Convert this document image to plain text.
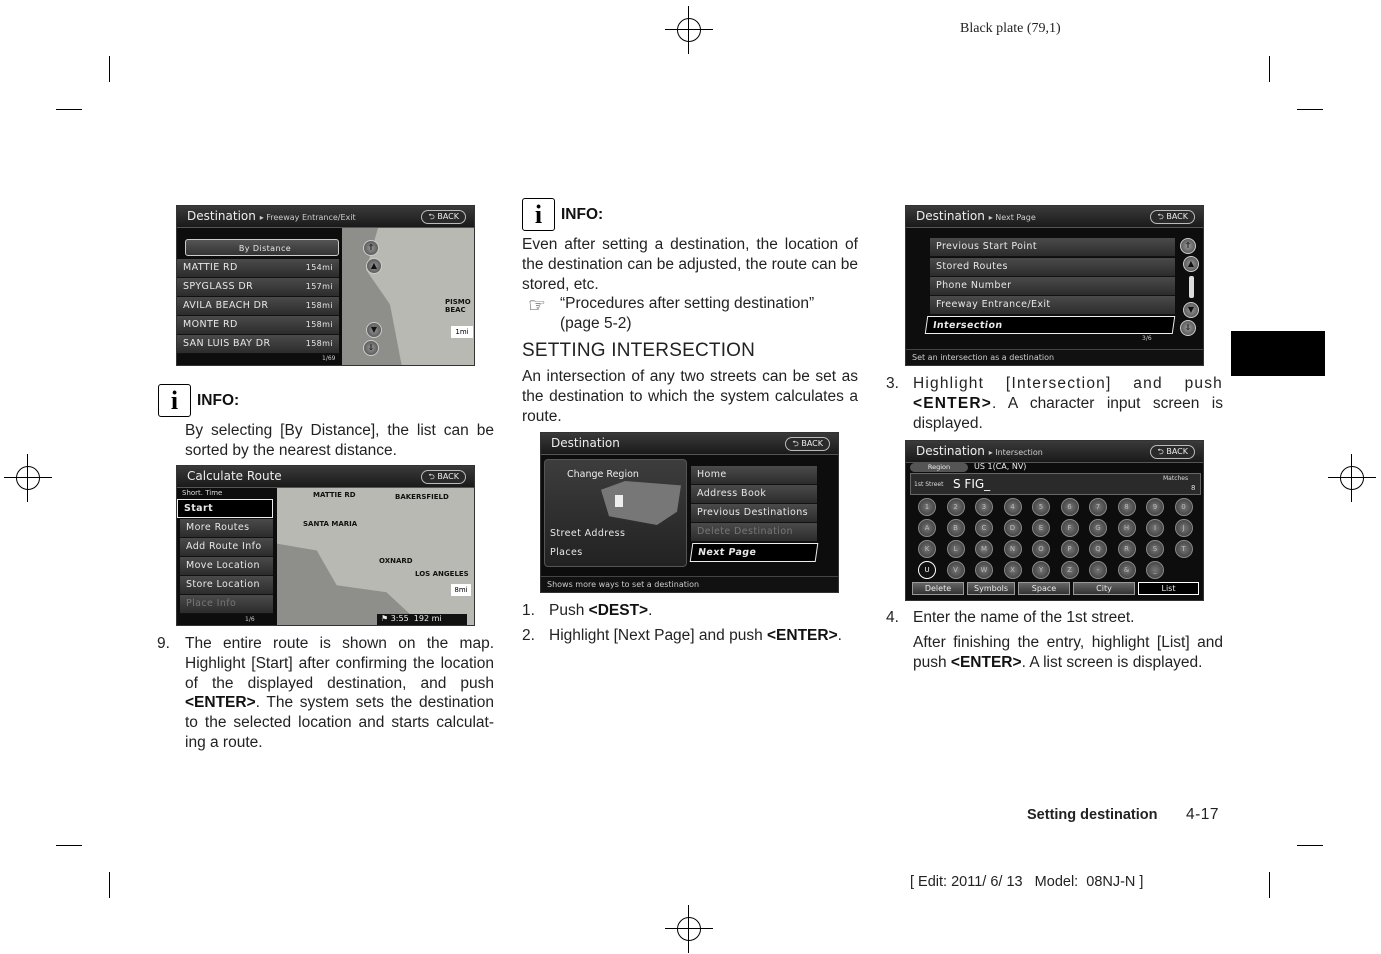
Black plate (79,1)
Destination ▸ Freeway Entrance/Exit	⮌ BACK
PISMO BEAC
1mi
By Distance
MATTIE RD	154mi
SPYGLASS DR	157mi
AVILA BEACH DR	158mi
MONTE RD	158mi
SAN LUIS BAY DR	158mi
1/69
⇑
▲
▼
⇓
i	INFO:

By selecting [By Distance], the list can be sorted by the nearest distance.

Calculate Route	⮌ BACK
MATTIE RD	BAKERSFIELD
SANTA MARIA
OXNARD
LOS ANGELES
Short. Time
Start
More Routes
Add Route Info
Move Location
Store Location
Place Info
1/6	⚑ 3:55 192 mi
8mi
9. The entire route is shown on the map. Highlight [Start] after confirming the location of the displayed destination, and push <ENTER>. The system sets the destination to the selected location and starts calculat-ing a route.
i	INFO:

Even after setting a destination, the location of the destination can be adjusted, the route can be stored, etc.

☞ “Procedures after setting destination” (page 5-2)

SETTING INTERSECTION

An intersection of any two streets can be set as the destination to which the system calculates a route.

Destination	⮌ BACK
Change Region
Street Address
Places
Home
Address Book
Previous Destinations
Delete Destination
Next Page
Shows more ways to set a destination
1. Push <DEST>.
2. Highlight [Next Page] and push <ENTER>.
Destination ▸ Next Page	⮌ BACK
Previous Start Point
Stored Routes
Phone Number
Freeway Entrance/Exit
Intersection
3/6
⇑
▲
▼
⇓
Set an intersection as a destination
3. Highlight [Intersection] and push <ENTER>. A character input screen is displayed.
Destination ▸ Intersection	⮌ BACK
Region	US 1(CA, NV)
1st Street S FIG_	Matches
8
1	2	3	4	5	6	7	8	9	0
A	B	C	D	E	F	G	H	I	J
K	L	M	N	O	P	Q	R	S	T
U	V	W	X	Y	Z	-	&	_
Delete	Symbols	Space	City	List
4. Enter the name of the 1st street.

After finishing the entry, highlight [List] and push <ENTER>. A list screen is displayed.

Setting destination 4-17
[ Edit: 2011/ 6/ 13   Model:  08NJ-N ]
